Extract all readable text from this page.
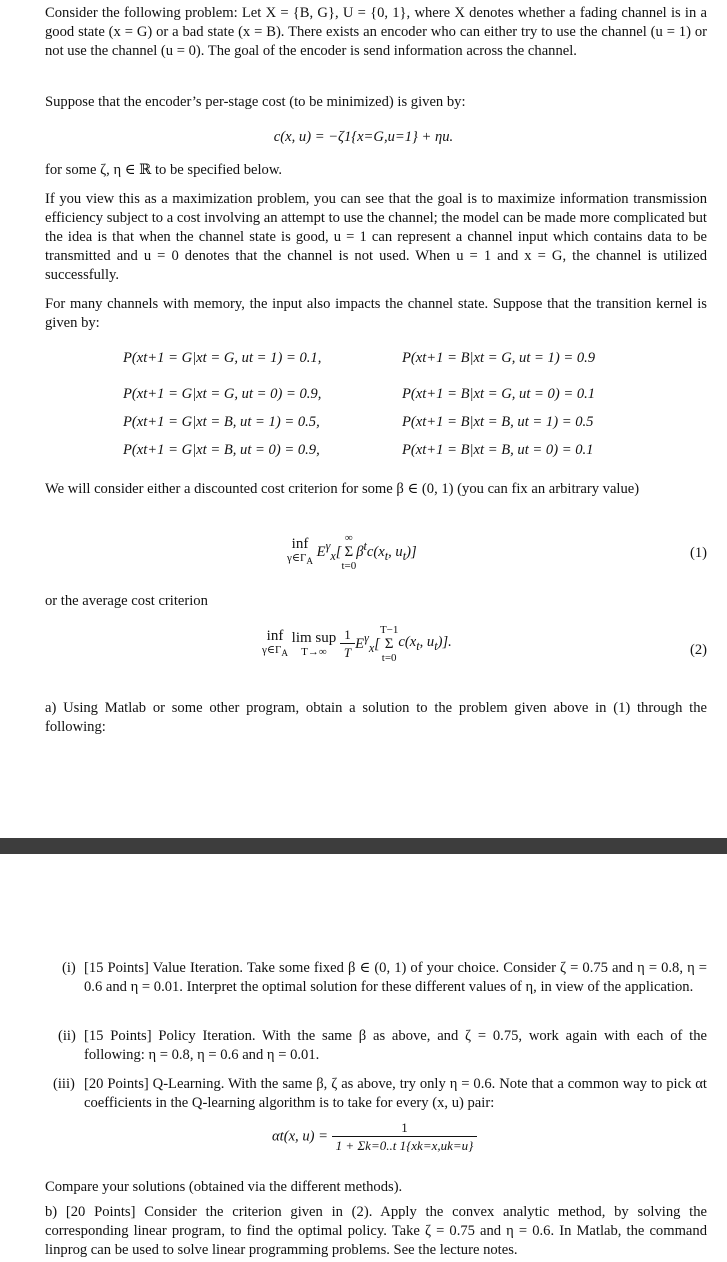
Consider the following problem: Let X = {B, G}, U = {0, 1}, where X denotes whether a fading channel is in a good state (x = G) or a bad state (x = B). There exists an encoder who can either try to use the channel (u = 1) or not use the channel (u = 0). The goal of the encoder is send information across the channel.

Suppose that the encoder’s per-stage cost (to be minimized) is given by:

c(x, u) = −ζ1{x=G,u=1} + ηu.

for some ζ, η ∈ ℝ to be specified below.

If you view this as a maximization problem, you can see that the goal is to maximize information transmission efficiency subject to a cost involving an attempt to use the channel; the model can be made more complicated but the idea is that when the channel state is good, u = 1 can represent a channel input which contains data to be transmitted and u = 0 denotes that the channel is not used. When u = 1 and x = G, the channel is utilized successfully.

For many channels with memory, the input also impacts the channel state. Suppose that the transition kernel is given by:

P(xt+1 = G|xt = G, ut = 1) = 0.1,	P(xt+1 = B|xt = G, ut = 1) = 0.9
P(xt+1 = G|xt = G, ut = 0) = 0.9,	P(xt+1 = B|xt = G, ut = 0) = 0.1
P(xt+1 = G|xt = B, ut = 1) = 0.5,	P(xt+1 = B|xt = B, ut = 1) = 0.5
P(xt+1 = G|xt = B, ut = 0) = 0.9,	P(xt+1 = B|xt = B, ut = 0) = 0.1

We will consider either a discounted cost criterion for some β ∈ (0, 1) (you can fix an arbitrary value)

inf
$\gamma\in\Gamma_A$ $E^\gamma_x[\infty$
Σ
$t=0\beta^tc(x_t$, $u_t$)]	(1)

or the average cost criterion

inf
$\gamma\in\Gamma_A$
lim sup
$T\to\infty \frac{1}{T} E^\gamma_x[T-1$
Σ
$t=0c(x_t$, $u_t$)].
(2)

a) Using Matlab or some other program, obtain a solution to the problem given above in (1) through the following:

(i) [15 Points] Value Iteration. Take some fixed β ∈ (0, 1) of your choice. Consider ζ = 0.75 and η = 0.8, η = 0.6 and η = 0.01. Interpret the optimal solution for these different values of η, in view of the application.

(ii) [15 Points] Policy Iteration. With the same β as above, and ζ = 0.75, work again with each of the following: η = 0.8, η = 0.6 and η = 0.01.

(iii) [20 Points] Q-Learning. With the same β, ζ as above, try only η = 0.6. Note that a common way to pick αt coefficients in the Q-learning algorithm is to take for every (x, u) pair:

αt(x, $u) = \frac{1}{1 + \Sigma k=0..t 1\{xk=x,uk=u\}}$

Compare your solutions (obtained via the different methods).

b) [20 Points] Consider the criterion given in (2). Apply the convex analytic method, by solving the corresponding linear program, to find the optimal policy. Take ζ = 0.75 and η = 0.6. In Matlab, the command linprog can be used to solve linear programming problems. See the lecture notes.
